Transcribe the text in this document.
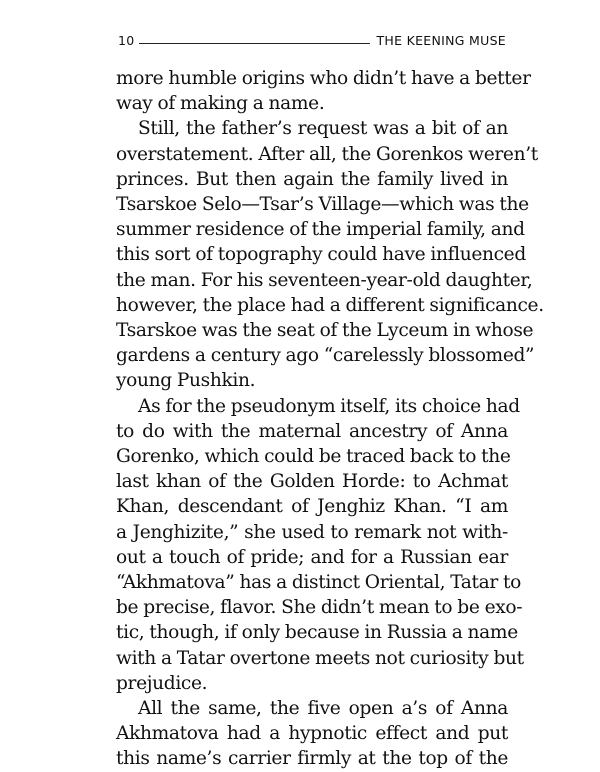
10	THE KEENING MUSE
more humble origins who didn’t have a better
way of making a name.
Still, the father’s request was a bit of an
overstatement. After all, the Gorenkos weren’t
princes. But then again the family lived in
Tsarskoe Selo—Tsar’s Village—which was the
summer residence of the imperial family, and
this sort of topography could have influenced
the man. For his seventeen-year-old daughter,
however, the place had a different significance.
Tsarskoe was the seat of the Lyceum in whose
gardens a century ago “carelessly blossomed”
young Pushkin.
As for the pseudonym itself, its choice had
to do with the maternal ancestry of Anna
Gorenko, which could be traced back to the
last khan of the Golden Horde: to Achmat
Khan, descendant of Jenghiz Khan. “I am
a Jenghizite,” she used to remark not with-
out a touch of pride; and for a Russian ear
“Akhmatova” has a distinct Oriental, Tatar to
be precise, flavor. She didn’t mean to be exo-
tic, though, if only because in Russia a name
with a Tatar overtone meets not curiosity but
prejudice.
All the same, the five open a’s of Anna
Akhmatova had a hypnotic effect and put
this name’s carrier firmly at the top of the
